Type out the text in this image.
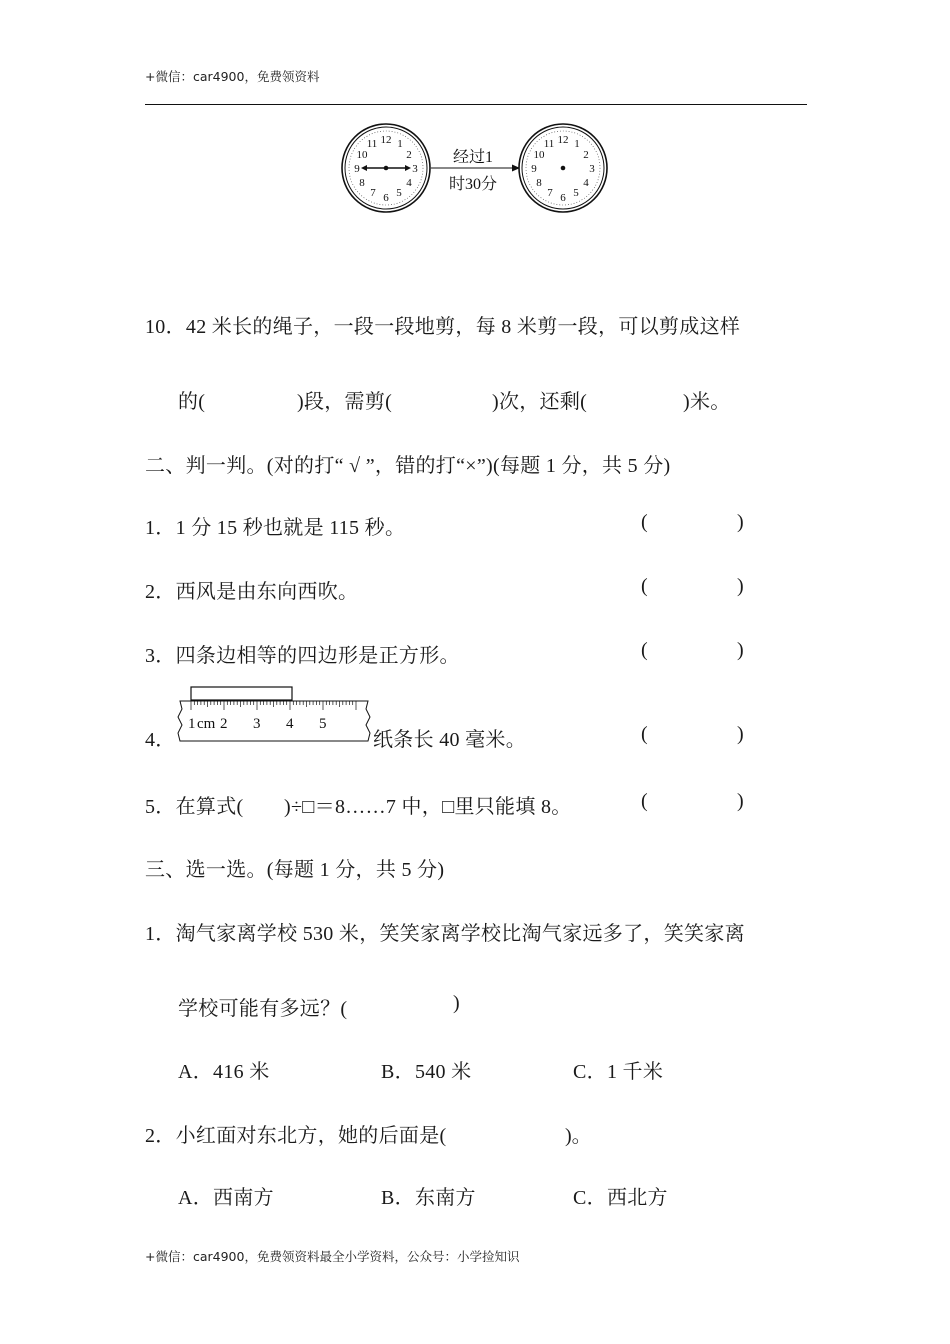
+微信：car4900，免费领资料
12 1
2
3
4
5
6
7
8
9
10
11
经过1
时30分
12 1
2
3
4
5
6
7
8
9
10
11
10．42 米长的绳子，一段一段地剪，每 8 米剪一段，可以剪成这样
的(	)段，需剪(	)次，还剩(	)米。
二、判一判。(对的打“ √ ”，错的打“×”)(每题 1 分，共 5 分)
1．1 分 15 秒也就是 115 秒。	(	)
2．西风是由东向西吹。	(	)
3．四条边相等的四边形是正方形。	(	)
4．
1 cm 2 3 4 5
纸条长 40 毫米。	(	)
5．在算式(　　)÷□＝8……7 中，□里只能填 8。	(	)
三、选一选。(每题 1 分，共 5 分)
1．淘气家离学校 530 米，笑笑家离学校比淘气家远多了，笑笑家离
学校可能有多远？(	)
A．416 米	B．540 米	C．1 千米
2．小红面对东北方，她的后面是(	)。
A．西南方	B．东南方	C．西北方
+微信：car4900，免费领资料最全小学资料，公众号：小学捡知识
